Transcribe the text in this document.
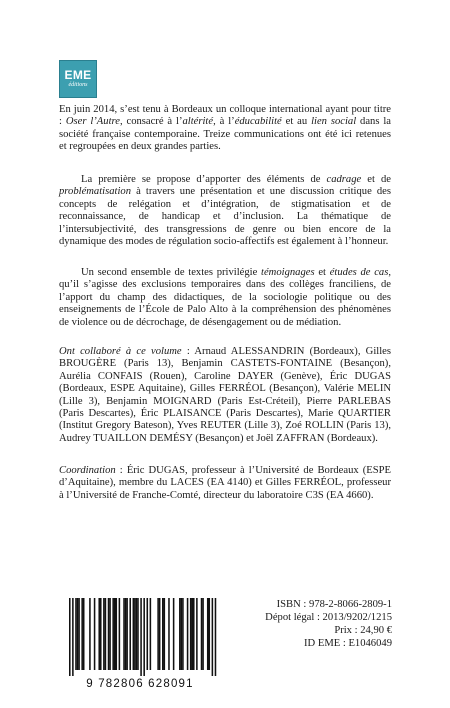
EME
éditions

En juin 2014, s’est tenu à Bordeaux un colloque international ayant pour titre : Oser l’Autre, consacré à l’altérité, à l’éducabilité et au lien social dans la société française contemporaine. Treize communications ont été ici retenues et regroupées en deux grandes parties.

La première se propose d’apporter des éléments de cadrage et de problématisation à travers une présentation et une discussion critique des concepts de relégation et d’intégration, de stigmatisation et de reconnaissance, de handicap et d’inclusion. La thématique de l’intersubjectivité, des transgressions de genre ou bien encore de la dynamique des modes de régulation socio-affectifs est également à l’honneur.

Un second ensemble de textes privilégie témoignages et études de cas, qu’il s’agisse des exclusions temporaires dans des collèges franciliens, de l’apport du champ des didactiques, de la sociologie politique ou des enseignements de l’École de Palo Alto à la compréhension des phénomènes de violence ou de décrochage, de désengagement ou de médiation.

Ont collaboré à ce volume : Arnaud ALESSANDRIN (Bordeaux), Gilles BROUGÈRE (Paris 13), Benjamin CASTETS-FONTAINE (Besançon), Aurélia CONFAIS (Rouen), Caroline DAYER (Genève), Éric DUGAS (Bordeaux, ESPE Aquitaine), Gilles FERRÉOL (Besançon), Valérie MELIN (Lille 3), Benjamin MOIGNARD (Paris Est-Créteil), Pierre PARLEBAS (Paris Descartes), Éric PLAISANCE (Paris Descartes), Marie QUARTIER (Institut Gregory Bateson), Yves REUTER (Lille 3), Zoé ROLLIN (Paris 13), Audrey TUAILLON DEMÉSY (Besançon) et Joël ZAFFRAN (Bordeaux).

Coordination : Éric DUGAS, professeur à l’Université de Bordeaux (ESPE d’Aquitaine), membre du LACES (EA 4140) et Gilles FERRÉOL, professeur à l’Université de Franche-Comté, directeur du laboratoire C3S (EA 4660).

9 782806 628091
ISBN : 978-2-8066-2809-1
Dépot légal : 2013/9202/1215
Prix : 24,90 €
ID EME : E1046049
